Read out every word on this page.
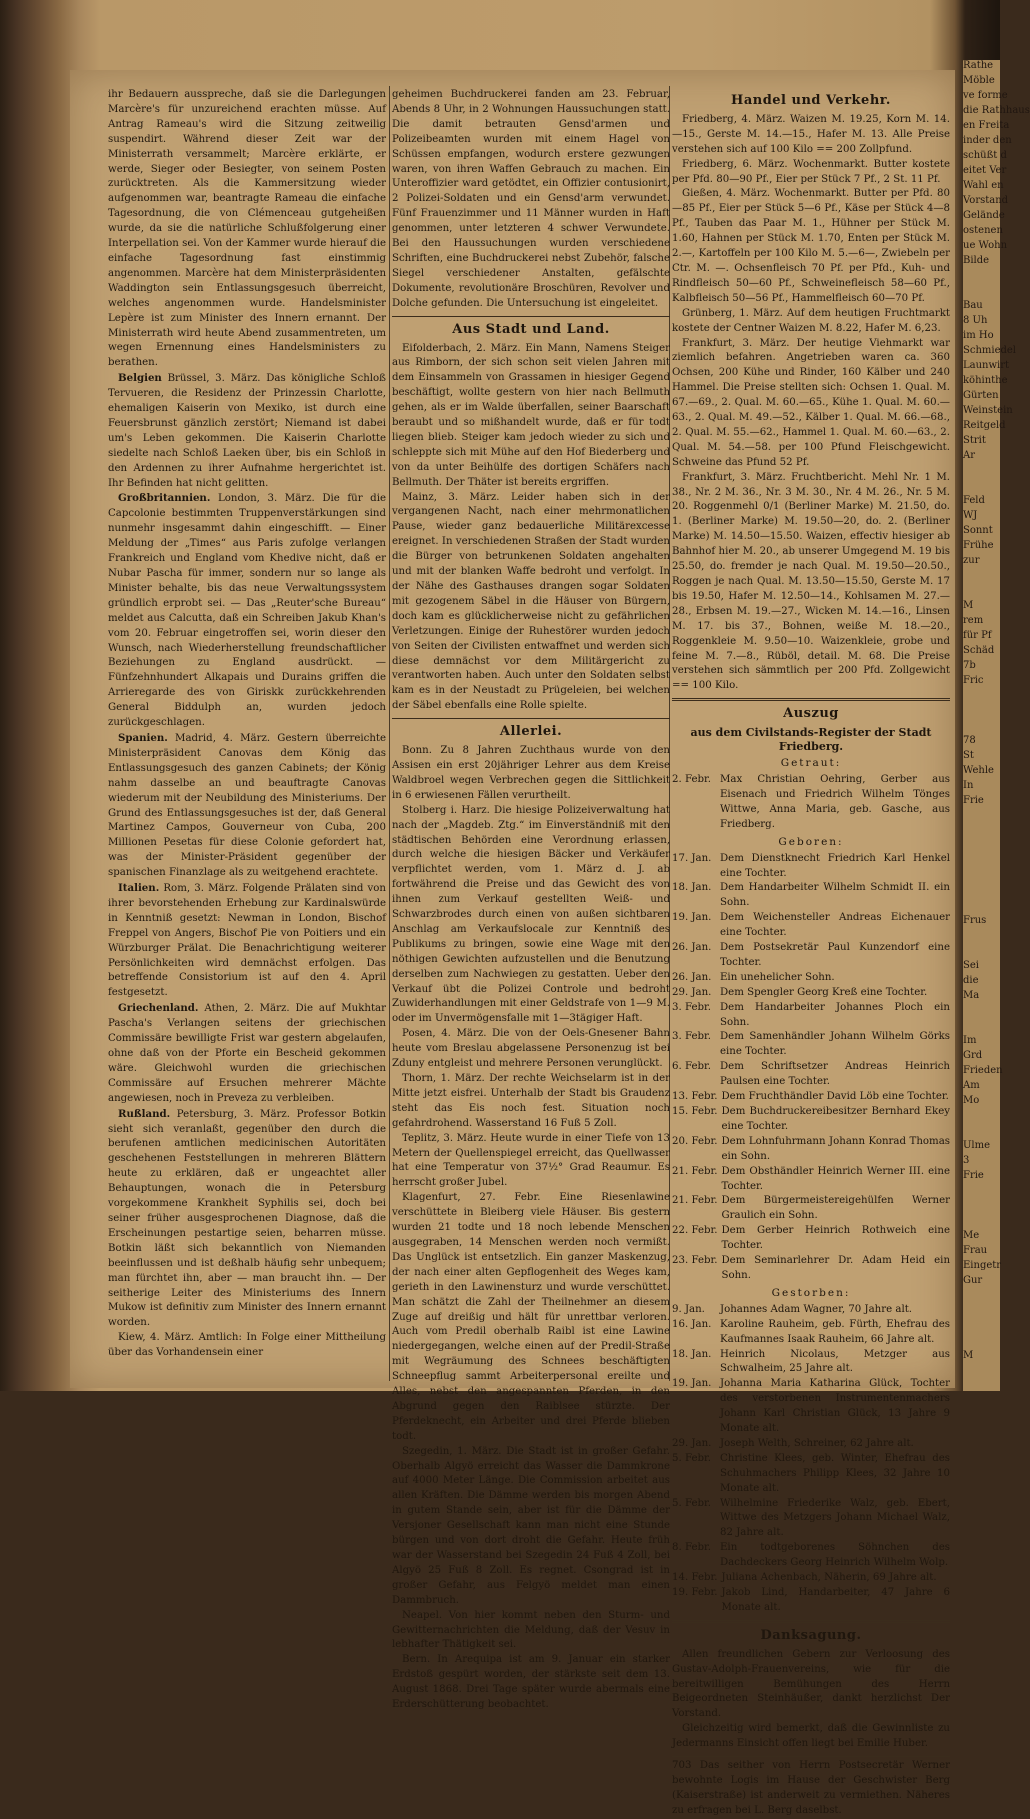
Rathe
Möble
ve forme
die Rathhaus
en Freita
inder den
schüßt d
eitet Ver
Wahl en
Vorstand
Gelände
ostenen
ue Wohn
Bilde
Bau
8 Uh
im Ho
Schmiedel
Launwirt
köhinthe
Gürten
Weinstein
Reitgeld
Strit
Ar
Feld
WJ
Sonnt
Frühe
zur
M
rem
für Pf
Schäd
7b
Fric
78
St
Wehle
In
Frie
Frus
Sei
die
Ma
Im
Grd
Frieden
Am
Mo
Ulme
3
Frie
Me
Frau
Eingetr
Gur
M

ihr Bedauern ausspreche, daß sie die Darlegungen Marcère's für unzureichend erachten müsse. Auf Antrag Rameau's wird die Sitzung zeitweilig suspendirt. Während dieser Zeit war der Ministerrath versammelt; Marcère erklärte, er werde, Sieger oder Besiegter, von seinem Posten zurücktreten. Als die Kammersitzung wieder aufgenommen war, beantragte Rameau die einfache Tagesordnung, die von Clémenceau gutgeheißen wurde, da sie die natürliche Schlußfolgerung einer Interpellation sei. Von der Kammer wurde hierauf die einfache Tagesordnung fast einstimmig angenommen. Marcère hat dem Ministerpräsidenten Waddington sein Entlassungsgesuch überreicht, welches angenommen wurde. Handelsminister Lepère ist zum Minister des Innern ernannt. Der Ministerrath wird heute Abend zusammentreten, um wegen Ernennung eines Handelsministers zu berathen.

Belgien Brüssel, 3. März. Das königliche Schloß Tervueren, die Residenz der Prinzessin Charlotte, ehemaligen Kaiserin von Mexiko, ist durch eine Feuersbrunst gänzlich zerstört; Niemand ist dabei um's Leben gekommen. Die Kaiserin Charlotte siedelte nach Schloß Laeken über, bis ein Schloß in den Ardennen zu ihrer Aufnahme hergerichtet ist. Ihr Befinden hat nicht gelitten.

Großbritannien. London, 3. März. Die für die Capcolonie bestimmten Truppenverstärkungen sind nunmehr insgesammt dahin eingeschifft. — Einer Meldung der „Times“ aus Paris zufolge verlangen Frankreich und England vom Khedive nicht, daß er Nubar Pascha für immer, sondern nur so lange als Minister behalte, bis das neue Verwaltungssystem gründlich erprobt sei. — Das „Reuter'sche Bureau“ meldet aus Calcutta, daß ein Schreiben Jakub Khan's vom 20. Februar eingetroffen sei, worin dieser den Wunsch, nach Wiederherstellung freundschaftlicher Beziehungen zu England ausdrückt. — Fünfzehnhundert Alkapais und Durains griffen die Arrieregarde des von Giriskk zurückkehrenden General Biddulph an, wurden jedoch zurückgeschlagen.

Spanien. Madrid, 4. März. Gestern überreichte Ministerpräsident Canovas dem König das Entlassungsgesuch des ganzen Cabinets; der König nahm dasselbe an und beauftragte Canovas wiederum mit der Neubildung des Ministeriums. Der Grund des Entlassungsgesuches ist der, daß General Martinez Campos, Gouverneur von Cuba, 200 Millionen Pesetas für diese Colonie gefordert hat, was der Minister-Präsident gegenüber der spanischen Finanzlage als zu weitgehend erachtete.

Italien. Rom, 3. März. Folgende Prälaten sind von ihrer bevorstehenden Erhebung zur Kardinalswürde in Kenntniß gesetzt: Newman in London, Bischof Freppel von Angers, Bischof Pie von Poitiers und ein Würzburger Prälat. Die Benachrichtigung weiterer Persönlichkeiten wird demnächst erfolgen. Das betreffende Consistorium ist auf den 4. April festgesetzt.

Griechenland. Athen, 2. März. Die auf Mukhtar Pascha's Verlangen seitens der griechischen Commissäre bewilligte Frist war gestern abgelaufen, ohne daß von der Pforte ein Bescheid gekommen wäre. Gleichwohl wurden die griechischen Commissäre auf Ersuchen mehrerer Mächte angewiesen, noch in Preveza zu verbleiben.

Rußland. Petersburg, 3. März. Professor Botkin sieht sich veranlaßt, gegenüber den durch die berufenen amtlichen medicinischen Autoritäten geschehenen Feststellungen in mehreren Blättern heute zu erklären, daß er ungeachtet aller Behauptungen, wonach die in Petersburg vorgekommene Krankheit Syphilis sei, doch bei seiner früher ausgesprochenen Diagnose, daß die Erscheinungen pestartige seien, beharren müsse. Botkin läßt sich bekanntlich von Niemanden beeinflussen und ist deßhalb häufig sehr unbequem; man fürchtet ihn, aber — man braucht ihn. — Der seitherige Leiter des Ministeriums des Innern Mukow ist definitiv zum Minister des Innern ernannt worden.

Kiew, 4. März. Amtlich: In Folge einer Mittheilung über das Vorhandensein einer

geheimen Buchdruckerei fanden am 23. Februar, Abends 8 Uhr, in 2 Wohnungen Haussuchungen statt. Die damit betrauten Gensd'armen und Polizeibeamten wurden mit einem Hagel von Schüssen empfangen, wodurch erstere gezwungen waren, von ihren Waffen Gebrauch zu machen. Ein Unteroffizier ward getödtet, ein Offizier contusionirt, 2 Polizei-Soldaten und ein Gensd'arm verwundet. Fünf Frauenzimmer und 11 Männer wurden in Haft genommen, unter letzteren 4 schwer Verwundete. Bei den Haussuchungen wurden verschiedene Schriften, eine Buchdruckerei nebst Zubehör, falsche Siegel verschiedener Anstalten, gefälschte Dokumente, revolutionäre Broschüren, Revolver und Dolche gefunden. Die Untersuchung ist eingeleitet.

Aus Stadt und Land.

Eifolderbach, 2. März. Ein Mann, Namens Steiger aus Rimborn, der sich schon seit vielen Jahren mit dem Einsammeln von Grassamen in hiesiger Gegend beschäftigt, wollte gestern von hier nach Bellmuth gehen, als er im Walde überfallen, seiner Baarschaft beraubt und so mißhandelt wurde, daß er für todt liegen blieb. Steiger kam jedoch wieder zu sich und schleppte sich mit Mühe auf den Hof Biederberg und von da unter Beihülfe des dortigen Schäfers nach Bellmuth. Der Thäter ist bereits ergriffen.

Mainz, 3. März. Leider haben sich in der vergangenen Nacht, nach einer mehrmonatlichen Pause, wieder ganz bedauerliche Militärexcesse ereignet. In verschiedenen Straßen der Stadt wurden die Bürger von betrunkenen Soldaten angehalten und mit der blanken Waffe bedroht und verfolgt. In der Nähe des Gasthauses drangen sogar Soldaten mit gezogenem Säbel in die Häuser von Bürgern, doch kam es glücklicherweise nicht zu gefährlichen Verletzungen. Einige der Ruhestörer wurden jedoch von Seiten der Civilisten entwaffnet und werden sich diese demnächst vor dem Militärgericht zu verantworten haben. Auch unter den Soldaten selbst kam es in der Neustadt zu Prügeleien, bei welchen der Säbel ebenfalls eine Rolle spielte.

Allerlei.

Bonn. Zu 8 Jahren Zuchthaus wurde von den Assisen ein erst 20jähriger Lehrer aus dem Kreise Waldbroel wegen Verbrechen gegen die Sittlichkeit in 6 erwiesenen Fällen verurtheilt.

Stolberg i. Harz. Die hiesige Polizeiverwaltung hat nach der „Magdeb. Ztg.“ im Einverständniß mit den städtischen Behörden eine Verordnung erlassen, durch welche die hiesigen Bäcker und Verkäufer verpflichtet werden, vom 1. März d. J. ab fortwährend die Preise und das Gewicht des von ihnen zum Verkauf gestellten Weiß- und Schwarzbrodes durch einen von außen sichtbaren Anschlag am Verkaufslocale zur Kenntniß des Publikums zu bringen, sowie eine Wage mit den nöthigen Gewichten aufzustellen und die Benutzung derselben zum Nachwiegen zu gestatten. Ueber den Verkauf übt die Polizei Controle und bedroht Zuwiderhandlungen mit einer Geldstrafe von 1—9 M. oder im Unvermögensfalle mit 1—3tägiger Haft.

Posen, 4. März. Die von der Oels-Gnesener Bahn heute vom Breslau abgelassene Personenzug ist bei Zduny entgleist und mehrere Personen verunglückt.

Thorn, 1. März. Der rechte Weichselarm ist in der Mitte jetzt eisfrei. Unterhalb der Stadt bis Graudenz steht das Eis noch fest. Situation noch gefahrdrohend. Wasserstand 16 Fuß 5 Zoll.

Teplitz, 3. März. Heute wurde in einer Tiefe von 13 Metern der Quellenspiegel erreicht, das Quellwasser hat eine Temperatur von 37½° Grad Reaumur. Es herrscht großer Jubel.

Klagenfurt, 27. Febr. Eine Riesenlawine verschüttete in Bleiberg viele Häuser. Bis gestern wurden 21 todte und 18 noch lebende Menschen ausgegraben, 14 Menschen werden noch vermißt. Das Unglück ist entsetzlich. Ein ganzer Maskenzug, der nach einer alten Gepflogenheit des Weges kam, gerieth in den Lawinensturz und wurde verschüttet. Man schätzt die Zahl der Theilnehmer an diesem Zuge auf dreißig und hält für unrettbar verloren. Auch vom Predil oberhalb Raibl ist eine Lawine niedergegangen, welche einen auf der Predil-Straße mit Wegräumung des Schnees beschäftigten Schneepflug sammt Arbeiterpersonal ereilte und Alles, nebst den angespannten Pferden, in den Abgrund gegen den Raiblsee stürzte. Der Pferdeknecht, ein Arbeiter und drei Pferde blieben todt.

Szegedin, 1. März. Die Stadt ist in großer Gefahr. Oberhalb Algyö erreicht das Wasser die Dammkrone auf 4000 Meter Länge. Die Commission arbeitet aus allen Kräften. Die Dämme werden bis morgen Abend in gutem Stande sein, aber ist für die Dämme der Versjoner Gesellschaft kann man nicht eine Stunde bürgen und von dort droht die Gefahr. Heute früh war der Wasserstand bei Szegedin 24 Fuß 4 Zoll, bei Algyö 25 Fuß 8 Zoll. Es regnet. Csongrad ist in großer Gefahr, aus Felgyö meldet man einen Dammbruch.

Neapel. Von hier kommt neben den Sturm- und Gewitternachrichten die Meldung, daß der Vesuv in lebhafter Thätigkeit sei.

Bern. In Arequipa ist am 9. Januar ein starker Erdstoß gespürt worden, der stärkste seit dem 13. August 1868. Drei Tage später wurde abermals eine Erderschütterung beobachtet.

Handel und Verkehr.

Friedberg, 4. März. Waizen M. 19.25, Korn M. 14.—15., Gerste M. 14.—15., Hafer M. 13. Alle Preise verstehen sich auf 100 Kilo == 200 Zollpfund.

Friedberg, 6. März. Wochenmarkt. Butter kostete per Pfd. 80—90 Pf., Eier per Stück 7 Pf., 2 St. 11 Pf.

Gießen, 4. März. Wochenmarkt. Butter per Pfd. 80—85 Pf., Eier per Stück 5—6 Pf., Käse per Stück 4—8 Pf., Tauben das Paar M. 1., Hühner per Stück M. 1.60, Hahnen per Stück M. 1.70, Enten per Stück M. 2.—, Kartoffeln per 100 Kilo M. 5.—6—, Zwiebeln per Ctr. M. —. Ochsenfleisch 70 Pf. per Pfd., Kuh- und Rindfleisch 50—60 Pf., Schweinefleisch 58—60 Pf., Kalbfleisch 50—56 Pf., Hammelfleisch 60—70 Pf.

Grünberg, 1. März. Auf dem heutigen Fruchtmarkt kostete der Centner Waizen M. 8.22, Hafer M. 6,23.

Frankfurt, 3. März. Der heutige Viehmarkt war ziemlich befahren. Angetrieben waren ca. 360 Ochsen, 200 Kühe und Rinder, 160 Kälber und 240 Hammel. Die Preise stellten sich: Ochsen 1. Qual. M. 67.—69., 2. Qual. M. 60.—65., Kühe 1. Qual. M. 60.—63., 2. Qual. M. 49.—52., Kälber 1. Qual. M. 66.—68., 2. Qual. M. 55.—62., Hammel 1. Qual. M. 60.—63., 2. Qual. M. 54.—58. per 100 Pfund Fleischgewicht. Schweine das Pfund 52 Pf.

Frankfurt, 3. März. Fruchtbericht. Mehl Nr. 1 M. 38., Nr. 2 M. 36., Nr. 3 M. 30., Nr. 4 M. 26., Nr. 5 M. 20. Roggenmehl 0/1 (Berliner Marke) M. 21.50, do. 1. (Berliner Marke) M. 19.50—20, do. 2. (Berliner Marke) M. 14.50—15.50. Waizen, effectiv hiesiger ab Bahnhof hier M. 20., ab unserer Umgegend M. 19 bis 25.50, do. fremder je nach Qual. M. 19.50—20.50., Roggen je nach Qual. M. 13.50—15.50, Gerste M. 17 bis 19.50, Hafer M. 12.50—14., Kohlsamen M. 27.—28., Erbsen M. 19.—27., Wicken M. 14.—16., Linsen M. 17. bis 37., Bohnen, weiße M. 18.—20., Roggenkleie M. 9.50—10. Waizenkleie, grobe und feine M. 7.—8., Rüböl, detail. M. 68. Die Preise verstehen sich sämmtlich per 200 Pfd. Zollgewicht == 100 Kilo.

Auszug
aus dem Civilstands-Register der Stadt Friedberg.
Getraut:
2. Febr. Max Christian Oehring, Gerber aus Eisenach und Friedrich Wilhelm Tönges Wittwe, Anna Maria, geb. Gasche, aus Friedberg.
Geboren:
17. Jan. Dem Dienstknecht Friedrich Karl Henkel eine Tochter.
18. Jan. Dem Handarbeiter Wilhelm Schmidt II. ein Sohn.
19. Jan. Dem Weichensteller Andreas Eichenauer eine Tochter.
26. Jan. Dem Postsekretär Paul Kunzendorf eine Tochter.
26. Jan. Ein unehelicher Sohn.
29. Jan. Dem Spengler Georg Kreß eine Tochter.
3. Febr. Dem Handarbeiter Johannes Ploch ein Sohn.
3. Febr. Dem Samenhändler Johann Wilhelm Görks eine Tochter.
6. Febr. Dem Schriftsetzer Andreas Heinrich Paulsen eine Tochter.
13. Febr. Dem Fruchthändler David Löb eine Tochter.
15. Febr. Dem Buchdruckereibesitzer Bernhard Ekey eine Tochter.
20. Febr. Dem Lohnfuhrmann Johann Konrad Thomas ein Sohn.
21. Febr. Dem Obsthändler Heinrich Werner III. eine Tochter.
21. Febr. Dem Bürgermeistereigehülfen Werner Graulich ein Sohn.
22. Febr. Dem Gerber Heinrich Rothweich eine Tochter.
23. Febr. Dem Seminarlehrer Dr. Adam Heid ein Sohn.
Gestorben:
9. Jan.	Johannes Adam Wagner, 70 Jahre alt.
16. Jan. Karoline Rauheim, geb. Fürth, Ehefrau des Kaufmannes Isaak Rauheim, 66 Jahre alt.
18. Jan. Heinrich Nicolaus, Metzger aus Schwalheim, 25 Jahre alt.
19. Jan. Johanna Maria Katharina Glück, Tochter des verstorbenen Instrumentenmachers Johann Karl Christian Glück, 13 Jahre 9 Monate alt.
29. Jan. Joseph Welth, Schreiner, 62 Jahre alt.
5. Febr. Christine Klees, geb. Winter, Ehefrau des Schuhmachers Philipp Klees, 32 Jahre 10 Monate alt.
5. Febr. Wilhelmine Friederike Walz, geb. Ebert, Wittwe des Metzgers Johann Michael Walz, 82 Jahre alt.
8. Febr. Ein todtgeborenes Söhnchen des Dachdeckers Georg Heinrich Wilhelm Wolp.
14. Febr. Juliana Achenbach, Näherin, 69 Jahre alt.
19. Febr. Jakob Lind, Handarbeiter, 47 Jahre 6 Monate alt.
Danksagung.

Allen freundlichen Gebern zur Verloosung des Gustav-Adolph-Frauenvereins, wie für die bereitwilligen Bemühungen des Herrn Beigeordneten Steinhäußer, dankt herzlichst Der Vorstand.

Gleichzeitig wird bemerkt, daß die Gewinnliste zu Jedermanns Einsicht offen liegt bei Emilie Huber.

703 Das seither von Herrn Postsecretär Werner bewohnte Logis im Hause der Geschwister Berg (Kaiserstraße) ist anderweit zu vermiethen. Näheres zu erfragen bei L. Berg daselbst.
